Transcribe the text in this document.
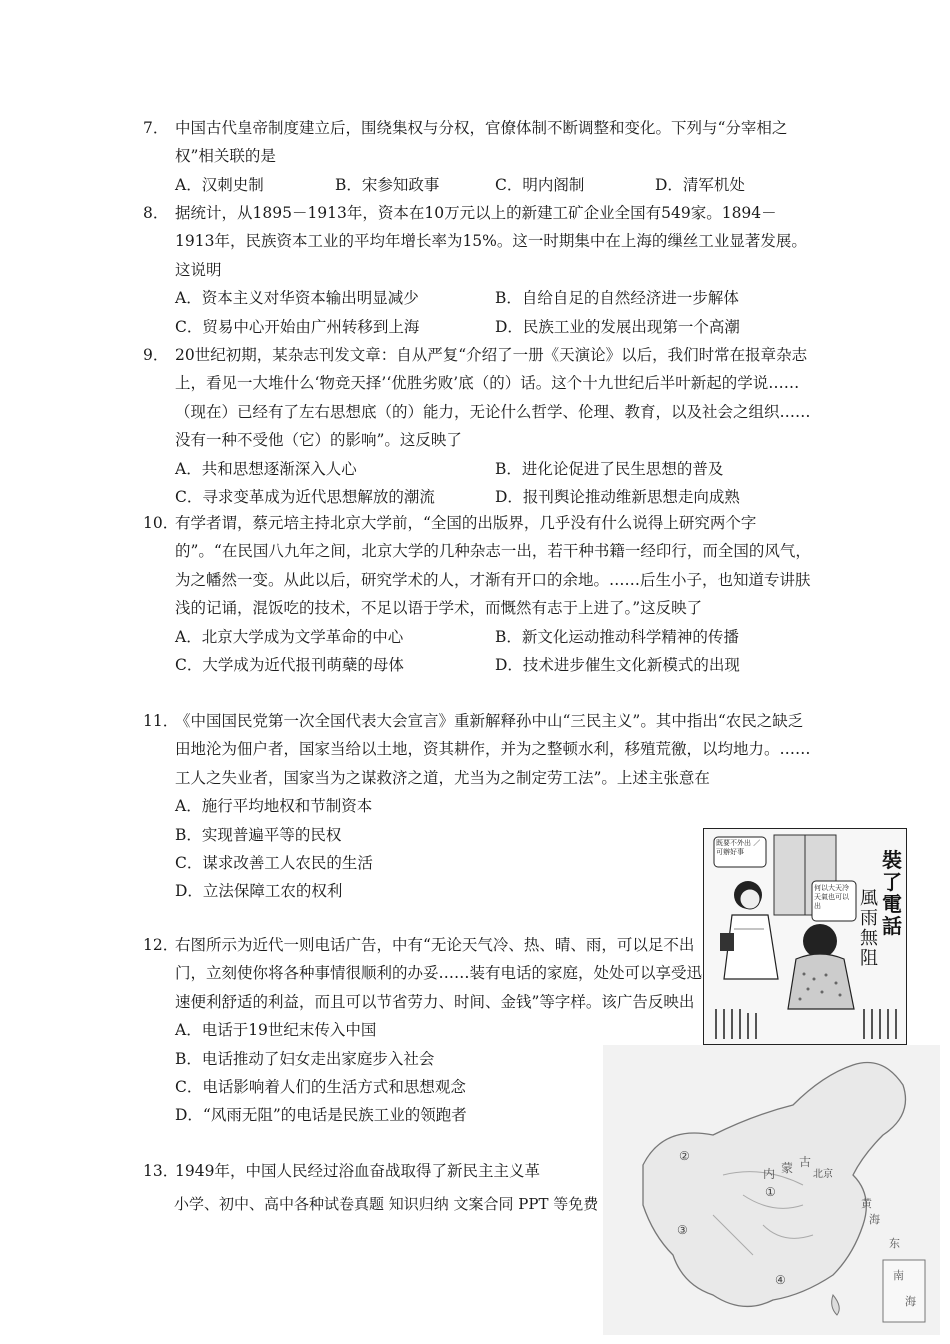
7． 中国古代皇帝制度建立后，围绕集权与分权，官僚体制不断调整和变化。下列与“分宰相之权”相关联的是
A．汉刺史制	B．宋参知政事	C．明内阁制	D．清军机处
8． 据统计，从1895－1913年，资本在10万元以上的新建工矿企业全国有549家。1894－1913年，民族资本工业的平均年增长率为15%。这一时期集中在上海的缫丝工业显著发展。这说明
A．资本主义对华资本输出明显减少	B．自给自足的自然经济进一步解体
C．贸易中心开始由广州转移到上海	D．民族工业的发展出现第一个高潮
9． 20世纪初期，某杂志刊发文章：自从严复“介绍了一册《天演论》以后，我们时常在报章杂志上，看见一大堆什么‘物竞天择’‘优胜劣败’底（的）话。这个十九世纪后半叶新起的学说……（现在）已经有了左右思想底（的）能力，无论什么哲学、伦理、教育，以及社会之组织……没有一种不受他（它）的影响”。这反映了
A．共和思想逐渐深入人心	B．进化论促进了民生思想的普及
C．寻求变革成为近代思想解放的潮流	D．报刊舆论推动维新思想走向成熟
10．有学者谓，蔡元培主持北京大学前，“全国的出版界，几乎没有什么说得上研究两个字的”。“在民国八九年之间，北京大学的几种杂志一出，若干种书籍一经印行，而全国的风气，为之幡然一变。从此以后，研究学术的人，才渐有开口的余地。……后生小子，也知道专讲肤浅的记诵，混饭吃的技术，不足以语于学术，而慨然有志于上进了。”这反映了
A．北京大学成为文学革命的中心	B．新文化运动推动科学精神的传播
C．大学成为近代报刊萌蘖的母体	D．技术进步催生文化新模式的出现
11．《中国国民党第一次全国代表大会宣言》重新解释孙中山“三民主义”。其中指出“农民之缺乏田地沦为佃户者，国家当给以土地，资其耕作，并为之整顿水利，移殖荒徼，以均地力。……工人之失业者，国家当为之谋救济之道，尤当为之制定劳工法”。上述主张意在
A．施行平均地权和节制资本
B．实现普遍平等的民权
C．谋求改善工人农民的生活
D．立法保障工农的权利
12．右图所示为近代一则电话广告，中有“无论天气冷、热、晴、雨，可以足不出门，立刻使你将各种事情很顺利的办妥……装有电话的家庭，处处可以享受迅速便利舒适的利益，而且可以节省劳力、时间、金钱”等字样。该广告反映出
A．电话于19世纪末传入中国
B．电话推动了妇女走出家庭步入社会
C．电话影响着人们的生活方式和思想观念
D．“风雨无阻”的电话是民族工业的领跑者
13．1949年，中国人民经过浴血奋战取得了新民主主义革
小学、初中、高中各种试卷真题 知识归纳 文案合同 PPT 等免费
既要不外出 ／ 可辦好事
何以大天冷天氣也可以出
裝了電話
風雨無阻
内 蒙 古
北京
黄
海
东
南
海
①
②
③
④
